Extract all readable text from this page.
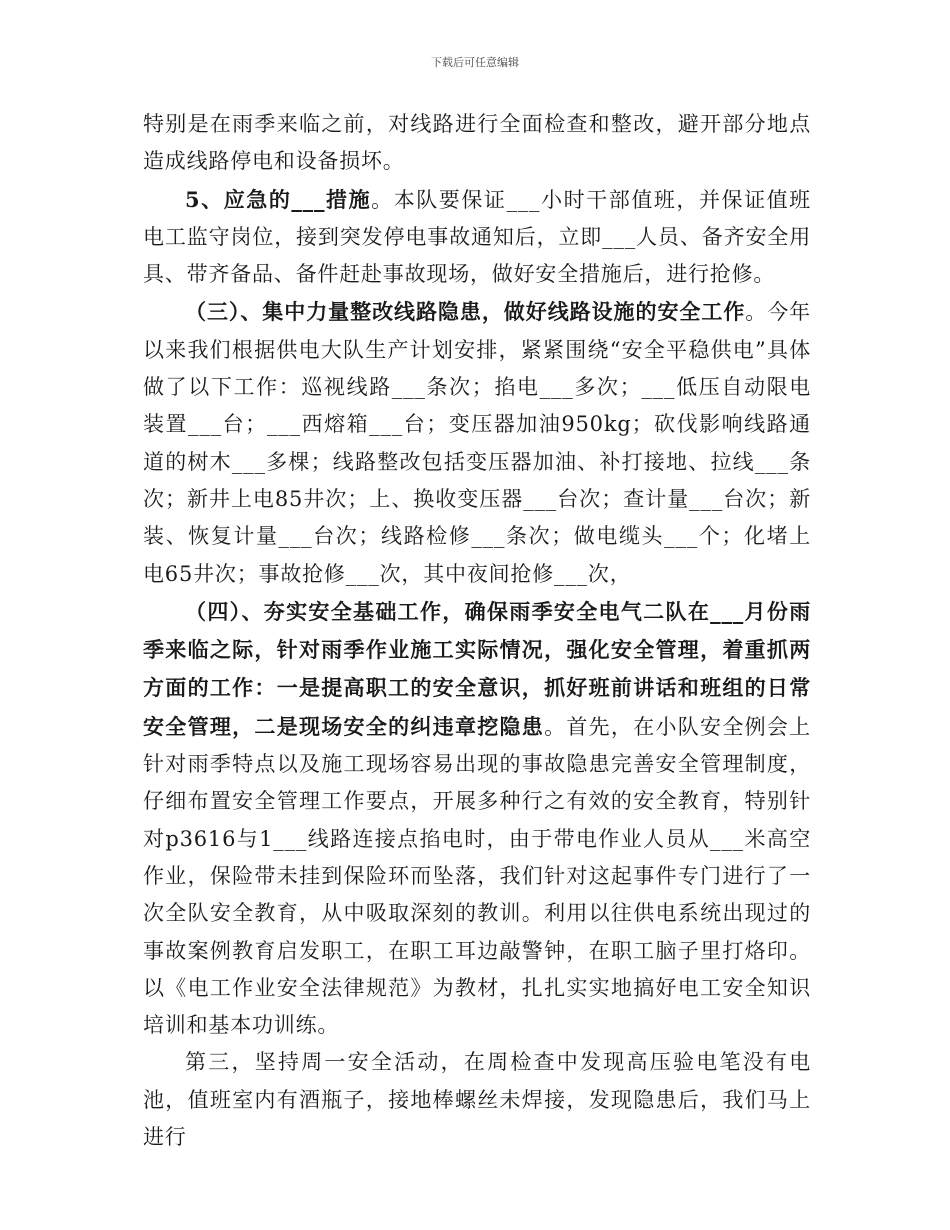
下载后可任意编辑

特别是在雨季来临之前，对线路进行全面检查和整改，避开部分地点造成线路停电和设备损坏。

5、应急的___措施。本队要保证___小时干部值班，并保证值班电工监守岗位，接到突发停电事故通知后，立即___人员、备齐安全用具、带齐备品、备件赶赴事故现场，做好安全措施后，进行抢修。

（三）、集中力量整改线路隐患，做好线路设施的安全工作。今年以来我们根据供电大队生产计划安排，紧紧围绕“安全平稳供电”具体做了以下工作：巡视线路___条次；掐电___多次；___低压自动限电装置___台；___西熔箱___台；变压器加油950kg；砍伐影响线路通道的树木___多棵；线路整改包括变压器加油、补打接地、拉线___条次；新井上电85井次；上、换收变压器___台次；查计量___台次；新装、恢复计量___台次；线路检修___条次；做电缆头___个；化堵上电65井次；事故抢修___次，其中夜间抢修___次，

（四）、夯实安全基础工作，确保雨季安全电气二队在___月份雨季来临之际，针对雨季作业施工实际情况，强化安全管理，着重抓两方面的工作：一是提高职工的安全意识，抓好班前讲话和班组的日常安全管理，二是现场安全的纠违章挖隐患。首先，在小队安全例会上针对雨季特点以及施工现场容易出现的事故隐患完善安全管理制度，仔细布置安全管理工作要点，开展多种行之有效的安全教育，特别针对p3616与1___线路连接点掐电时，由于带电作业人员从___米高空作业，保险带未挂到保险环而坠落，我们针对这起事件专门进行了一次全队安全教育，从中吸取深刻的教训。利用以往供电系统出现过的事故案例教育启发职工，在职工耳边敲警钟，在职工脑子里打烙印。以《电工作业安全法律规范》为教材，扎扎实实地搞好电工安全知识培训和基本功训练。

第三，坚持周一安全活动，在周检查中发现高压验电笔没有电池，值班室内有酒瓶子，接地棒螺丝未焊接，发现隐患后，我们马上进行
